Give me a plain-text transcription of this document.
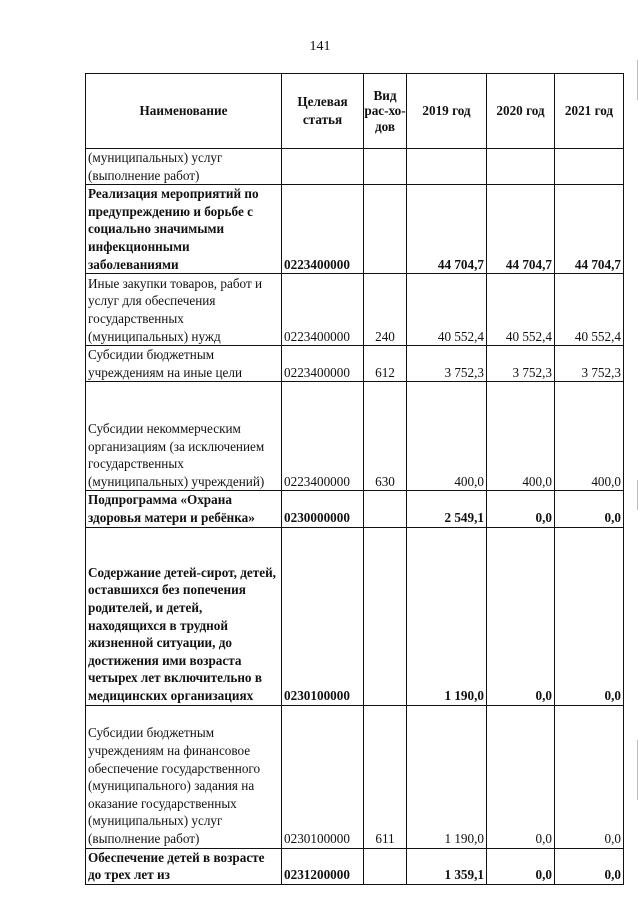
141
Наименование	Целевая статья	Вид рас-хо-дов	2019 год	2020 год	2021 год
(муниципальных) услуг (выполнение работ)					
Реализация мероприятий по предупреждению и борьбе с социально значимыми инфекционными заболеваниями	0223400000		44 704,7	44 704,7	44 704,7
Иные закупки товаров, работ и услуг для обеспечения государственных (муниципальных) нужд	0223400000	240	40 552,4	40 552,4	40 552,4
Субсидии бюджетным учреждениям на иные цели	0223400000	612	3 752,3	3 752,3	3 752,3
Субсидии некоммерческим организациям (за исключением государственных (муниципальных) учреждений)	0223400000	630	400,0	400,0	400,0
Подпрограмма «Охрана здоровья матери и ребёнка»	0230000000		2 549,1	0,0	0,0
Содержание детей-сирот, детей, оставшихся без попечения родителей, и детей, находящихся в трудной жизненной ситуации, до достижения ими возраста четырех лет включительно в медицинских организациях	0230100000		1 190,0	0,0	0,0
Субсидии бюджетным учреждениям на финансовое обеспечение государственного (муниципального) задания на оказание государственных (муниципальных) услуг (выполнение работ)	0230100000	611	1 190,0	0,0	0,0
Обеспечение детей в возрасте до трех лет из	0231200000		1 359,1	0,0	0,0
